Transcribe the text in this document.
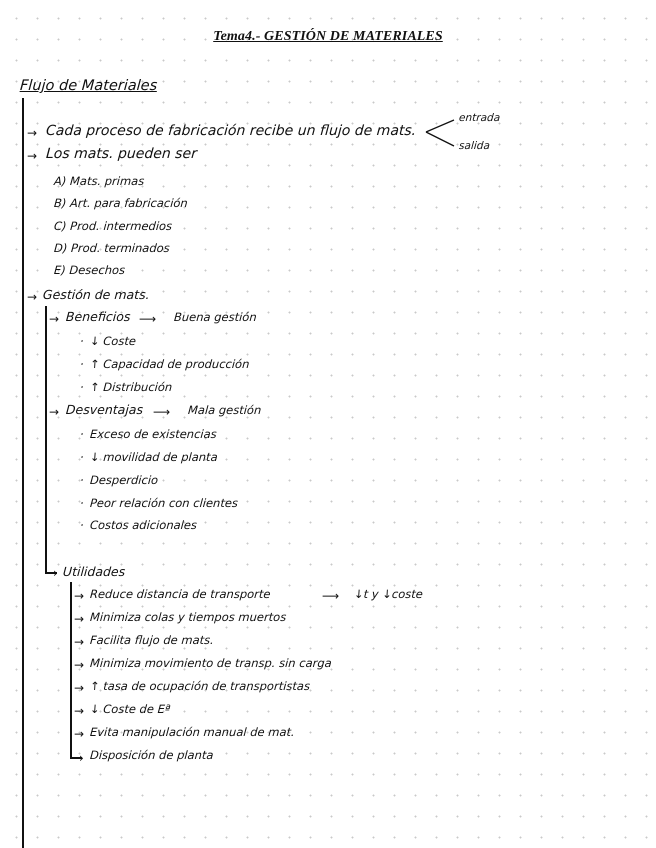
Tema4.- GESTIÓN DE MATERIALES
Flujo de Materiales
→ Cada proceso de fabricación recibe un flujo de mats.
entrada
salida
→ Los mats. pueden ser
A) Mats. primas
B) Art. para fabricación
C) Prod. intermedios
D) Prod. terminados
E) Desechos
→ Gestión de mats.
→ Beneficios ⟶ Buena gestión
· ↓ Coste
· ↑ Capacidad de producción
· ↑ Distribución
→ Desventajas ⟶ Mala gestión
· Exceso de existencias
· ↓ movilidad de planta
· Desperdicio
· Peor relación con clientes
· Costos adicionales
› Utilidades
→ Reduce distancia de transporte	⟶ ↓t y ↓coste
→ Minimiza colas y tiempos muertos
→ Facilita flujo de mats.
→ Minimiza movimiento de transp. sin carga
→ ↑ tasa de ocupación de transportistas
→ ↓ Coste de Eª
→ Evita manipulación manual de mat.
› Disposición de planta
